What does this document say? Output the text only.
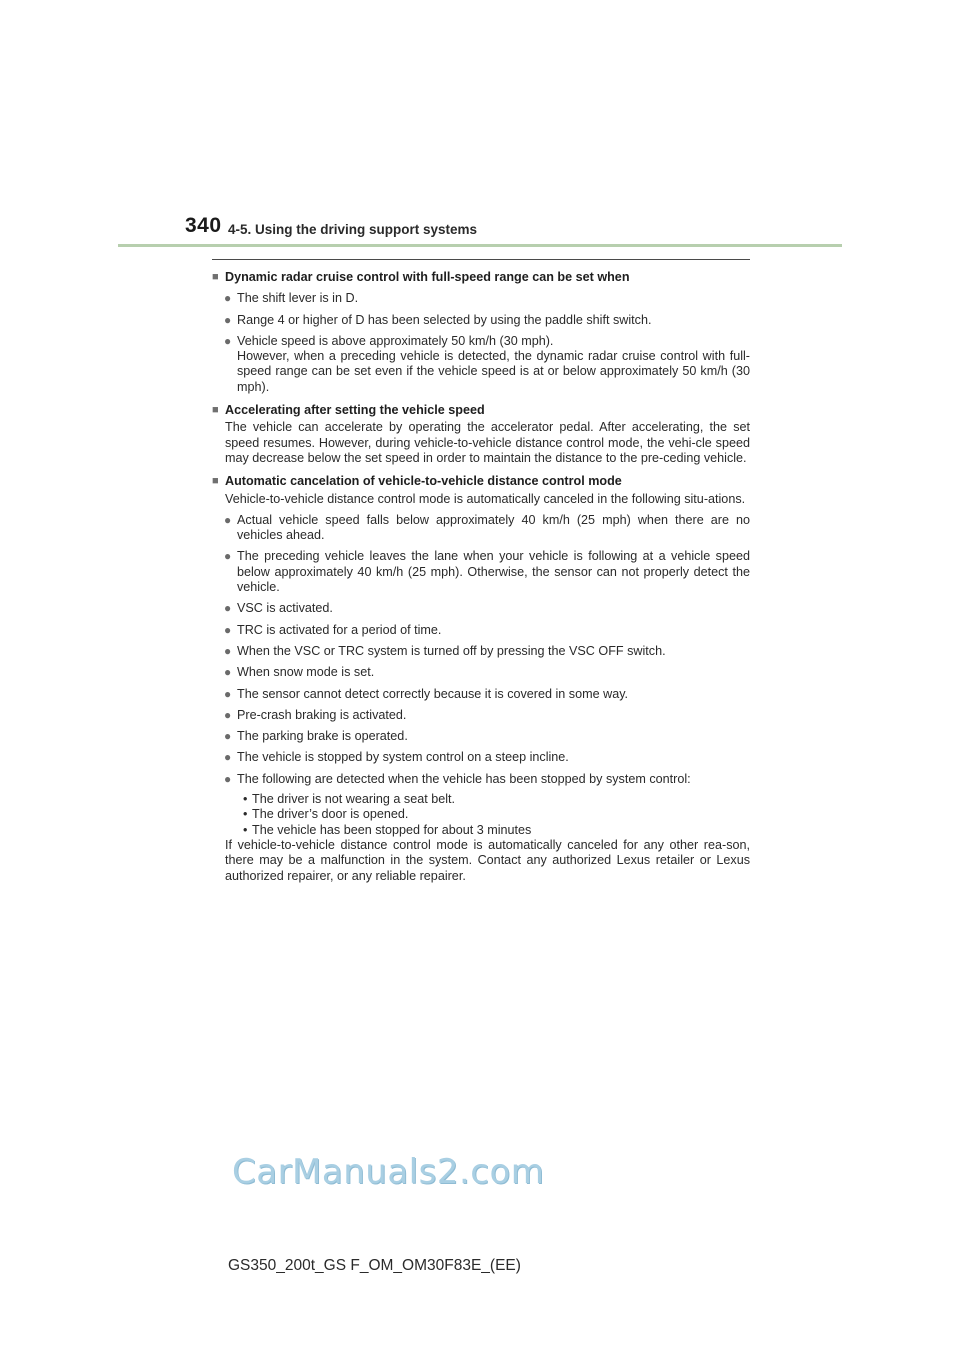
340 4-5. Using the driving support systems
■ Dynamic radar cruise control with full-speed range can be set when
● The shift lever is in D.
● Range 4 or higher of D has been selected by using the paddle shift switch.
● Vehicle speed is above approximately 50 km/h (30 mph).
However, when a preceding vehicle is detected, the dynamic radar cruise control with full-speed range can be set even if the vehicle speed is at or below approximately 50 km/h (30 mph).
■ Accelerating after setting the vehicle speed
The vehicle can accelerate by operating the accelerator pedal. After accelerating, the set speed resumes. However, during vehicle-to-vehicle distance control mode, the vehi-cle speed may decrease below the set speed in order to maintain the distance to the pre-ceding vehicle.
■ Automatic cancelation of vehicle-to-vehicle distance control mode
Vehicle-to-vehicle distance control mode is automatically canceled in the following situ-ations.
● Actual vehicle speed falls below approximately 40 km/h (25 mph) when there are no vehicles ahead.
● The preceding vehicle leaves the lane when your vehicle is following at a vehicle speed below approximately 40 km/h (25 mph). Otherwise, the sensor can not properly detect the vehicle.
● VSC is activated.
● TRC is activated for a period of time.
● When the VSC or TRC system is turned off by pressing the VSC OFF switch.
● When snow mode is set.
● The sensor cannot detect correctly because it is covered in some way.
● Pre-crash braking is activated.
● The parking brake is operated.
● The vehicle is stopped by system control on a steep incline.
● The following are detected when the vehicle has been stopped by system control:
• The driver is not wearing a seat belt.
• The driver’s door is opened.
• The vehicle has been stopped for about 3 minutes
If vehicle-to-vehicle distance control mode is automatically canceled for any other rea-son, there may be a malfunction in the system. Contact any authorized Lexus retailer or Lexus authorized repairer, or any reliable repairer.
CarManuals2.com
GS350_200t_GS F_OM_OM30F83E_(EE)
